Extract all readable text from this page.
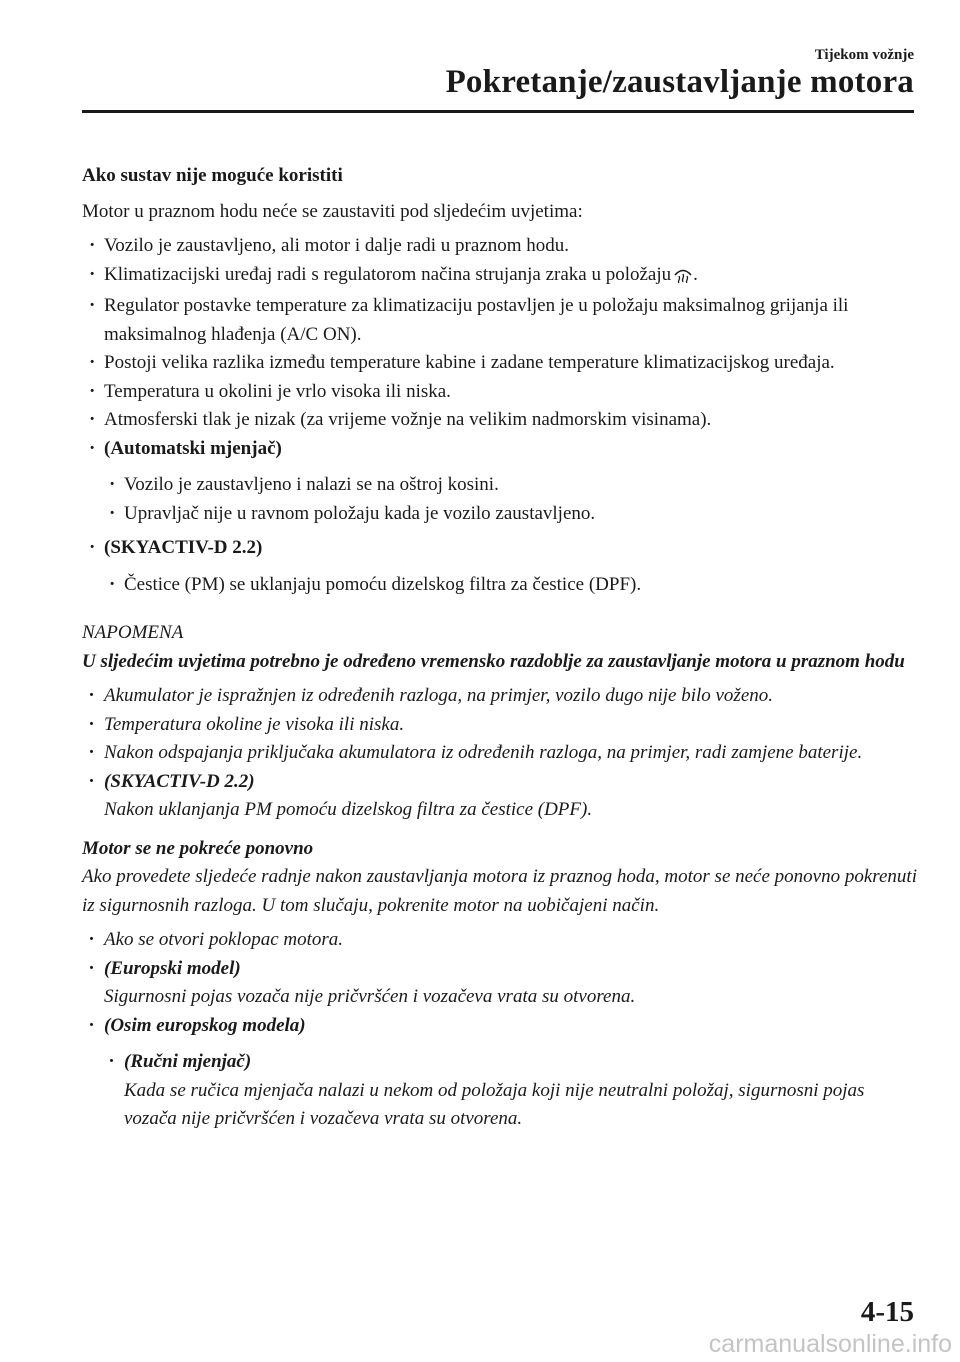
Tijekom vožnje
Pokretanje/zaustavljanje motora

Ako sustav nije moguće koristiti

Motor u praznom hodu neće se zaustaviti pod sljedećim uvjetima:

· Vozilo je zaustavljeno, ali motor i dalje radi u praznom hodu.
· Klimatizacijski uređaj radi s regulatorom načina strujanja zraka u položaju .
· Regulator postavke temperature za klimatizaciju postavljen je u položaju maksimalnog grijanja ili maksimalnog hlađenja (A/C ON).
· Postoji velika razlika između temperature kabine i zadane temperature klimatizacijskog uređaja.
· Temperatura u okolini je vrlo visoka ili niska.
· Atmosferski tlak je nizak (za vrijeme vožnje na velikim nadmorskim visinama).
· (Automatski mjenjač)
· Vozilo je zaustavljeno i nalazi se na oštroj kosini.
· Upravljač nije u ravnom položaju kada je vozilo zaustavljeno.
· (SKYACTIV-D 2.2)
· Čestice (PM) se uklanjaju pomoću dizelskog filtra za čestice (DPF).

NAPOMENA

U sljedećim uvjetima potrebno je određeno vremensko razdoblje za zaustavljanje motora u praznom hodu

· Akumulator je ispražnjen iz određenih razloga, na primjer, vozilo dugo nije bilo voženo.
· Temperatura okoline je visoka ili niska.
· Nakon odspajanja priključaka akumulatora iz određenih razloga, na primjer, radi zamjene baterije.
· (SKYACTIV-D 2.2)
Nakon uklanjanja PM pomoću dizelskog filtra za čestice (DPF).

Motor se ne pokreće ponovno

Ako provedete sljedeće radnje nakon zaustavljanja motora iz praznog hoda, motor se neće ponovno pokrenuti iz sigurnosnih razloga. U tom slučaju, pokrenite motor na uobičajeni način.

· Ako se otvori poklopac motora.
· (Europski model)
Sigurnosni pojas vozača nije pričvršćen i vozačeva vrata su otvorena.
· (Osim europskog modela)
· (Ručni mjenjač)
Kada se ručica mjenjača nalazi u nekom od položaja koji nije neutralni položaj, sigurnosni pojas vozača nije pričvršćen i vozačeva vrata su otvorena.
4-15
carmanualsonline.info
